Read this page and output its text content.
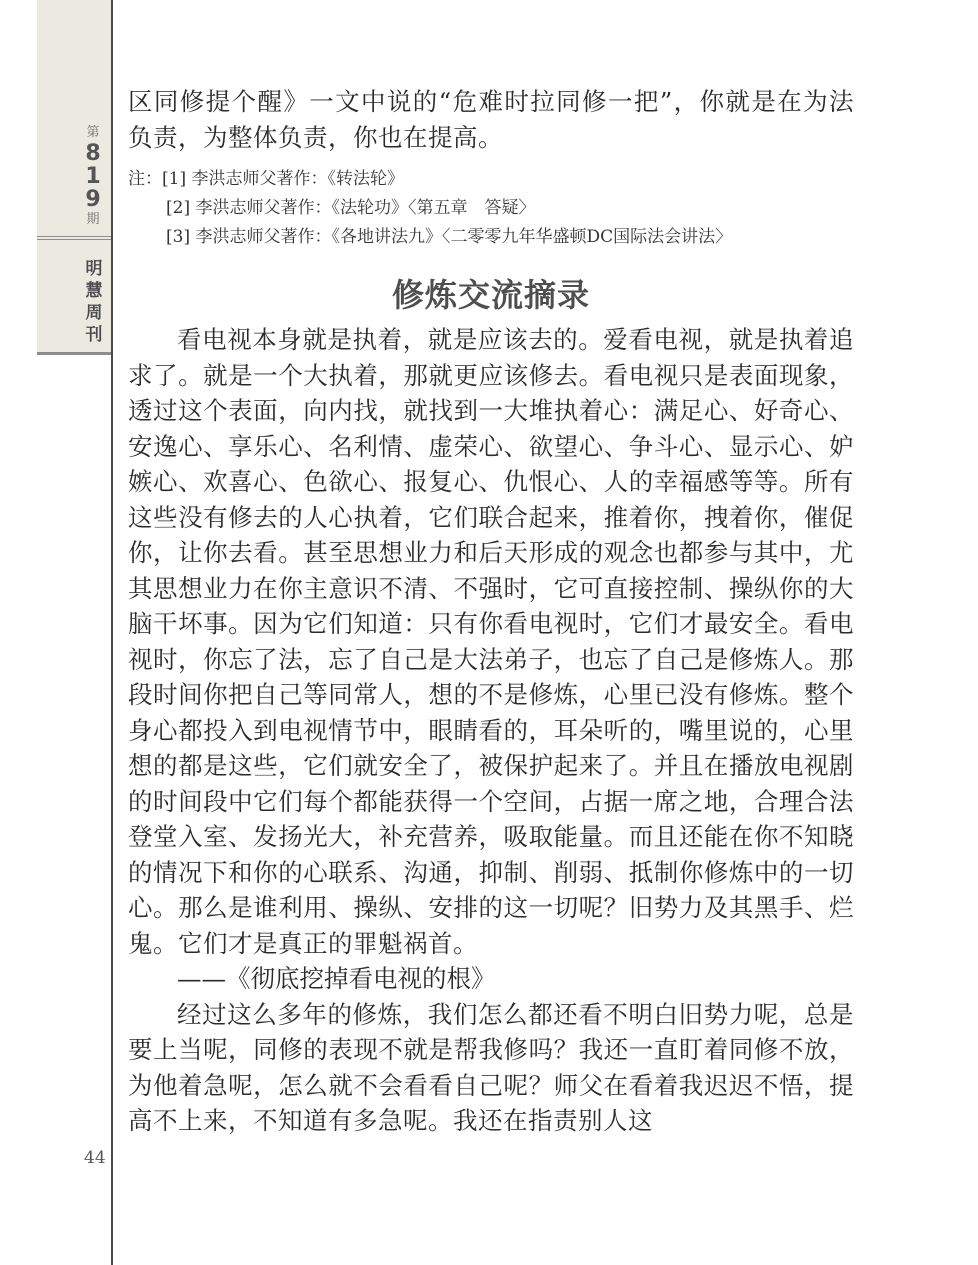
第
8
1
9
期
明
慧
周
刊
44

区同修提个醒》一文中说的“危难时拉同修一把”，你就是在为法负责，为整体负责，你也在提高。

注：[1] 李洪志师父著作：《转法轮》
[2] 李洪志师父著作：《法轮功》〈第五章　答疑〉
[3] 李洪志师父著作：《各地讲法九》〈二零零九年华盛顿DC国际法会讲法〉
修炼交流摘录

看电视本身就是执着，就是应该去的。爱看电视，就是执着追求了。就是一个大执着，那就更应该修去。看电视只是表面现象，透过这个表面，向内找，就找到一大堆执着心：满足心、好奇心、安逸心、享乐心、名利情、虚荣心、欲望心、争斗心、显示心、妒嫉心、欢喜心、色欲心、报复心、仇恨心、人的幸福感等等。所有这些没有修去的人心执着，它们联合起来，推着你，拽着你，催促你，让你去看。甚至思想业力和后天形成的观念也都参与其中，尤其思想业力在你主意识不清、不强时，它可直接控制、操纵你的大脑干坏事。因为它们知道：只有你看电视时，它们才最安全。看电视时，你忘了法，忘了自己是大法弟子，也忘了自己是修炼人。那段时间你把自己等同常人，想的不是修炼，心里已没有修炼。整个身心都投入到电视情节中，眼睛看的，耳朵听的，嘴里说的，心里想的都是这些，它们就安全了，被保护起来了。并且在播放电视剧的时间段中它们每个都能获得一个空间，占据一席之地，合理合法登堂入室、发扬光大，补充营养，吸取能量。而且还能在你不知晓的情况下和你的心联系、沟通，抑制、削弱、抵制你修炼中的一切心。那么是谁利用、操纵、安排的这一切呢？旧势力及其黑手、烂鬼。它们才是真正的罪魁祸首。

——《彻底挖掉看电视的根》

经过这么多年的修炼，我们怎么都还看不明白旧势力呢，总是要上当呢，同修的表现不就是帮我修吗？我还一直盯着同修不放，为他着急呢，怎么就不会看看自己呢？师父在看着我迟迟不悟，提高不上来，不知道有多急呢。我还在指责别人这
